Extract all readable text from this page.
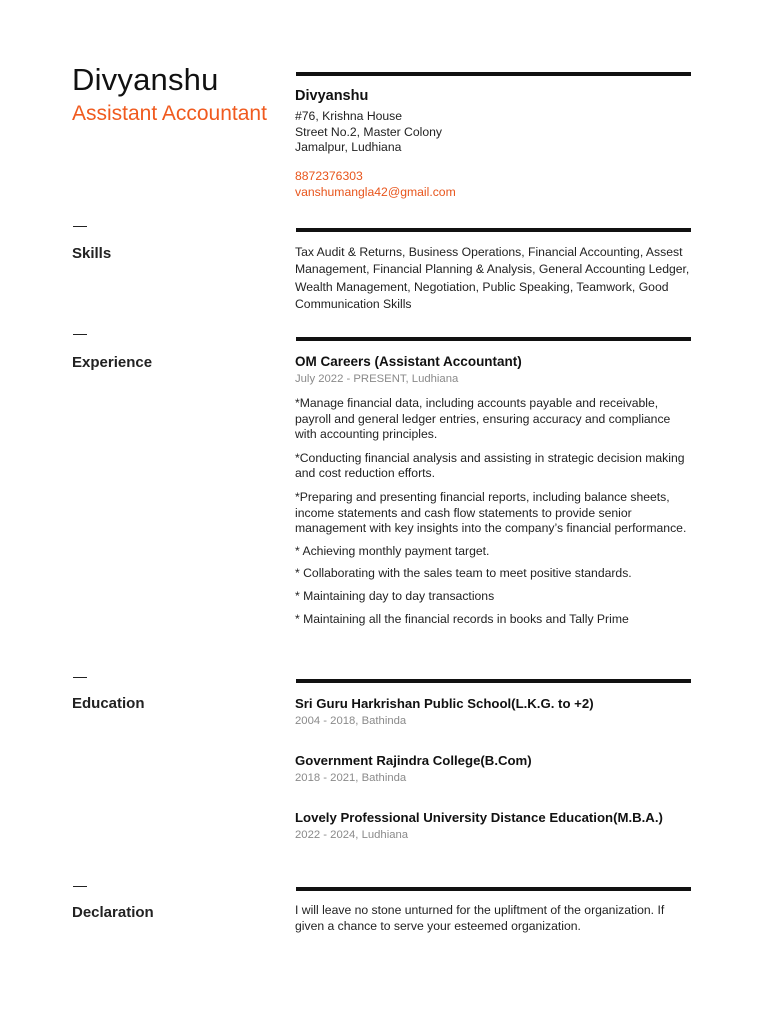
Divyanshu
Assistant Accountant
Divyanshu
#76, Krishna House
Street No.2, Master Colony
Jamalpur, Ludhiana
8872376303
vanshumangla42@gmail.com
Skills	Tax Audit & Returns, Business Operations, Financial Accounting, Assest Management, Financial Planning & Analysis, General Accounting Ledger, Wealth Management, Negotiation, Public Speaking, Teamwork, Good Communication Skills
Experience	OM Careers (Assistant Accountant)
July 2022 - PRESENT, Ludhiana
*Manage financial data, including accounts payable and receivable, payroll and general ledger entries, ensuring accuracy and compliance with accounting principles.
*Conducting financial analysis and assisting in strategic decision making and cost reduction efforts.
*Preparing and presenting financial reports, including balance sheets, income statements and cash flow statements to provide senior management with key insights into the company’s financial performance.
* Achieving monthly payment target.
* Collaborating with the sales team to meet positive standards.
* Maintaining day to day transactions
* Maintaining all the financial records in books and Tally Prime
Education	Sri Guru Harkrishan Public School(L.K.G. to +2)
2004 - 2018, Bathinda
Government Rajindra College(B.Com)
2018 - 2021, Bathinda
Lovely Professional University Distance Education(M.B.A.)
2022 - 2024, Ludhiana
Declaration	I will leave no stone unturned for the upliftment of the organization. If given a chance to serve your esteemed organization.
